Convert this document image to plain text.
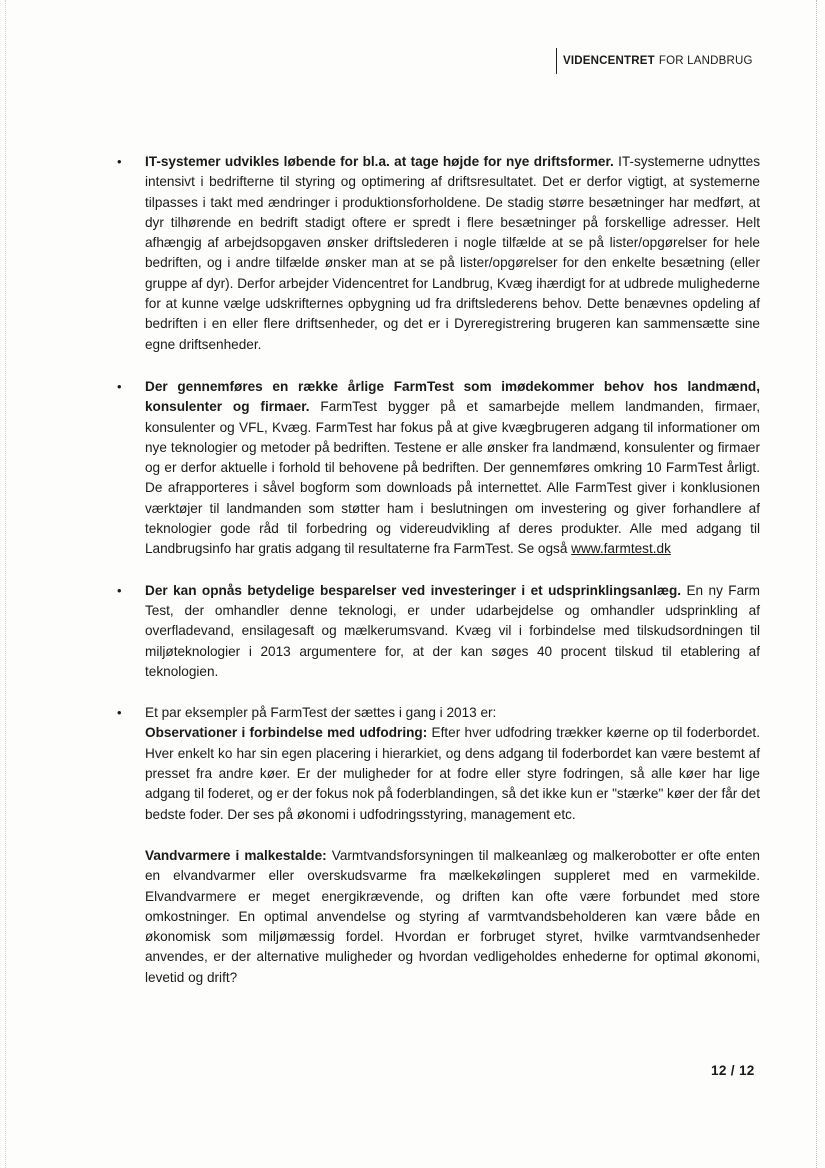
VIDENCENTRET FOR LANDBRUG
•	IT-systemer udvikles løbende for bl.a. at tage højde for nye driftsformer. IT-systemerne udnyttes intensivt i bedrifterne til styring og optimering af driftsresultatet. Det er derfor vigtigt, at systemerne tilpasses i takt med ændringer i produktionsforholdene. De stadig større besætninger har medført, at dyr tilhørende en bedrift stadigt oftere er spredt i flere besætninger på forskellige adresser. Helt afhængig af arbejdsopgaven ønsker driftslederen i nogle tilfælde at se på lister/opgørelser for hele bedriften, og i andre tilfælde ønsker man at se på lister/opgørelser for den enkelte besætning (eller gruppe af dyr). Derfor arbejder Videncentret for Landbrug, Kvæg ihærdigt for at udbrede mulighederne for at kunne vælge udskrifternes opbygning ud fra driftslederens behov. Dette benævnes opdeling af bedriften i en eller flere driftsenheder, og det er i Dyreregistrering brugeren kan sammensætte sine egne driftsenheder.

•	Der gennemføres en række årlige FarmTest som imødekommer behov hos landmænd, konsulenter og firmaer. FarmTest bygger på et samarbejde mellem landmanden, firmaer, konsulenter og VFL, Kvæg. FarmTest har fokus på at give kvægbrugeren adgang til informationer om nye teknologier og metoder på bedriften. Testene er alle ønsker fra landmænd, konsulenter og firmaer og er derfor aktuelle i forhold til behovene på bedriften. Der gennemføres omkring 10 FarmTest årligt. De afrapporteres i såvel bogform som downloads på internettet. Alle FarmTest giver i konklusionen værktøjer til landmanden som støtter ham i beslutningen om investering og giver forhandlere af teknologier gode råd til forbedring og videreudvikling af deres produkter. Alle med adgang til Landbrugsinfo har gratis adgang til resultaterne fra FarmTest. Se også www.farmtest.dk

•	Der kan opnås betydelige besparelser ved investeringer i et udsprinklingsanlæg. En ny Farm Test, der omhandler denne teknologi, er under udarbejdelse og omhandler udsprinkling af overfladevand, ensilagesaft og mælkerumsvand. Kvæg vil i forbindelse med tilskudsordningen til miljøteknologier i 2013 argumentere for, at der kan søges 40 procent tilskud til etablering af teknologien.

•	Et par eksempler på FarmTest der sættes i gang i 2013 er:

Observationer i forbindelse med udfodring: Efter hver udfodring trækker køerne op til foderbordet. Hver enkelt ko har sin egen placering i hierarkiet, og dens adgang til foderbordet kan være bestemt af presset fra andre køer. Er der muligheder for at fodre eller styre fodringen, så alle køer har lige adgang til foderet, og er der fokus nok på foderblandingen, så det ikke kun er "stærke" køer der får det bedste foder. Der ses på økonomi i udfodringsstyring, management etc.

Vandvarmere i malkestalde: Varmtvandsforsyningen til malkeanlæg og malkerobotter er ofte enten en elvandvarmer eller overskudsvarme fra mælkekølingen suppleret med en varmekilde. Elvandvarmere er meget energikrævende, og driften kan ofte være forbundet med store omkostninger. En optimal anvendelse og styring af varmtvandsbeholderen kan være både en økonomisk som miljømæssig fordel. Hvordan er forbruget styret, hvilke varmtvandsenheder anvendes, er der alternative muligheder og hvordan vedligeholdes enhederne for optimal økonomi, levetid og drift?

12 / 12
